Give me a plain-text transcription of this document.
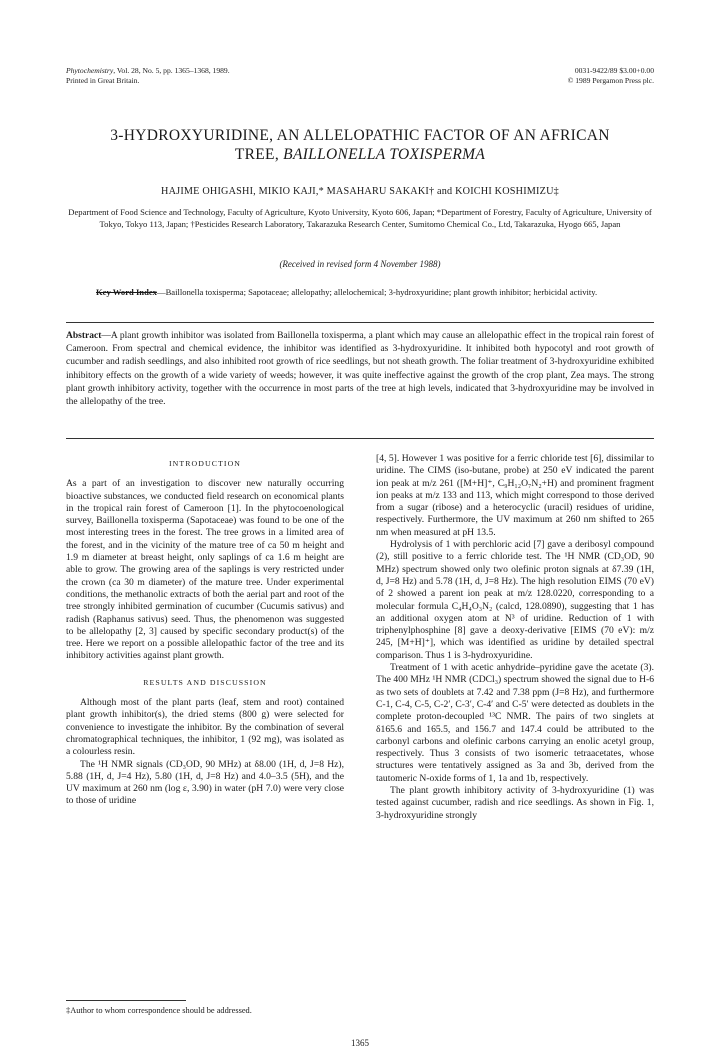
Phytochemistry, Vol. 28, No. 5, pp. 1365–1368, 1989.
Printed in Great Britain.
0031-9422/89 $3.00+0.00
© 1989 Pergamon Press plc.
3-HYDROXYURIDINE, AN ALLELOPATHIC FACTOR OF AN AFRICAN
TREE, BAILLONELLA TOXISPERMA
HAJIME OHIGASHI, MIKIO KAJI,* MASAHARU SAKAKI† and KOICHI KOSHIMIZU‡
Department of Food Science and Technology, Faculty of Agriculture, Kyoto University, Kyoto 606, Japan; *Department of Forestry, Faculty of Agriculture, University of Tokyo, Tokyo 113, Japan; †Pesticides Research Laboratory, Takarazuka Research Center, Sumitomo Chemical Co., Ltd, Takarazuka, Hyogo 665, Japan
(Received in revised form 4 November 1988)
Key Word Index—Baillonella toxisperma; Sapotaceae; allelopathy; allelochemical; 3-hydroxyuridine; plant growth inhibitor; herbicidal activity.
Abstract—A plant growth inhibitor was isolated from Baillonella toxisperma, a plant which may cause an allelopathic effect in the tropical rain forest of Cameroon. From spectral and chemical evidence, the inhibitor was identified as 3-hydroxyuridine. It inhibited both hypocotyl and root growth of cucumber and radish seedlings, and also inhibited root growth of rice seedlings, but not sheath growth. The foliar treatment of 3-hydroxyuridine exhibited inhibitory effects on the growth of a wide variety of weeds; however, it was quite ineffective against the growth of the crop plant, Zea mays. The strong plant growth inhibitory activity, together with the occurrence in most parts of the tree at high levels, indicated that 3-hydroxyuridine may be involved in the allelopathy of the tree.
INTRODUCTION

As a part of an investigation to discover new naturally occurring bioactive substances, we conducted field research on economical plants in the tropical rain forest of Cameroon [1]. In the phytocoenological survey, Baillonella toxisperma (Sapotaceae) was found to be one of the most interesting trees in the forest. The tree grows in a limited area of the forest, and in the vicinity of the mature tree of ca 50 m height and 1.9 m diameter at breast height, only saplings of ca 1.6 m height are able to grow. The growing area of the saplings is very restricted under the crown (ca 30 m diameter) of the mature tree. Under experimental conditions, the methanolic extracts of both the aerial part and root of the tree strongly inhibited germination of cucumber (Cucumis sativus) and radish (Raphanus sativus) seed. Thus, the phenomenon was suggested to be allelopathy [2, 3] caused by specific secondary product(s) of the tree. Here we report on a possible allelopathic factor of the tree and its inhibitory activities against plant growth.

RESULTS AND DISCUSSION

Although most of the plant parts (leaf, stem and root) contained plant growth inhibitor(s), the dried stems (800 g) were selected for convenience to investigate the inhibitor. By the combination of several chromatographical techniques, the inhibitor, 1 (92 mg), was isolated as a colourless resin.

The ¹H NMR signals (CD₃OD, 90 MHz) at δ8.00 (1H, d, J=8 Hz), 5.88 (1H, d, J=4 Hz), 5.80 (1H, d, J=8 Hz) and 4.0–3.5 (5H), and the UV maximum at 260 nm (log ε, 3.90) in water (pH 7.0) were very close to those of uridine

[4, 5]. However 1 was positive for a ferric chloride test [6], dissimilar to uridine. The CIMS (iso-butane, probe) at 250 eV indicated the parent ion peak at m/z 261 ([M+H]⁺, C₉H₁₂O₇N₂+H) and prominent fragment ion peaks at m/z 133 and 113, which might correspond to those derived from a sugar (ribose) and a heterocyclic (uracil) residues of uridine, respectively. Furthermore, the UV maximum at 260 nm shifted to 265 nm when measured at pH 13.5.

Hydrolysis of 1 with perchloric acid [7] gave a deribosyl compound (2), still positive to a ferric chloride test. The ¹H NMR (CD₃OD, 90 MHz) spectrum showed only two olefinic proton signals at δ7.39 (1H, d, J=8 Hz) and 5.78 (1H, d, J=8 Hz). The high resolution EIMS (70 eV) of 2 showed a parent ion peak at m/z 128.0220, corresponding to a molecular formula C₄H₄O₃N₂ (calcd, 128.0890), suggesting that 1 has an additional oxygen atom at N³ of uridine. Reduction of 1 with triphenylphosphine [8] gave a deoxy-derivative [EIMS (70 eV): m/z 245, [M+H]⁺], which was identified as uridine by detailed spectral comparison. Thus 1 is 3-hydroxyuridine.

Treatment of 1 with acetic anhydride–pyridine gave the acetate (3). The 400 MHz ¹H NMR (CDCl₃) spectrum showed the signal due to H-6 as two sets of doublets at 7.42 and 7.38 ppm (J=8 Hz), and furthermore C-1, C-4, C-5, C-2′, C-3′, C-4′ and C-5′ were detected as doublets in the complete proton-decoupled ¹³C NMR. The pairs of two singlets at δ165.6 and 165.5, and 156.7 and 147.4 could be attributed to the carbonyl carbons and olefinic carbons carrying an enolic acetyl group, respectively. Thus 3 consists of two isomeric tetraacetates, whose structures were tentatively assigned as 3a and 3b, derived from the tautomeric N-oxide forms of 1, 1a and 1b, respectively.

The plant growth inhibitory activity of 3-hydroxyuridine (1) was tested against cucumber, radish and rice seedlings. As shown in Fig. 1, 3-hydroxyuridine strongly

‡Author to whom correspondence should be addressed.
1365
